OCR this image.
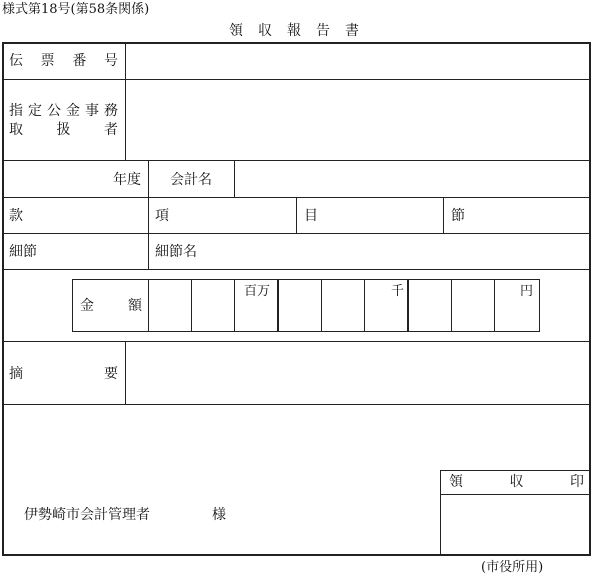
様式第18号(第58条関係)
領 収 報 告 書
伝 票 番 号
指 定 公 金 事 務
取 扱 者
年度 会計名
款	項	目	節
細節	細節名
金 額
百万	千	円
摘	要
伊勢崎市会計管理者	様
領	収	印
(市役所用)
